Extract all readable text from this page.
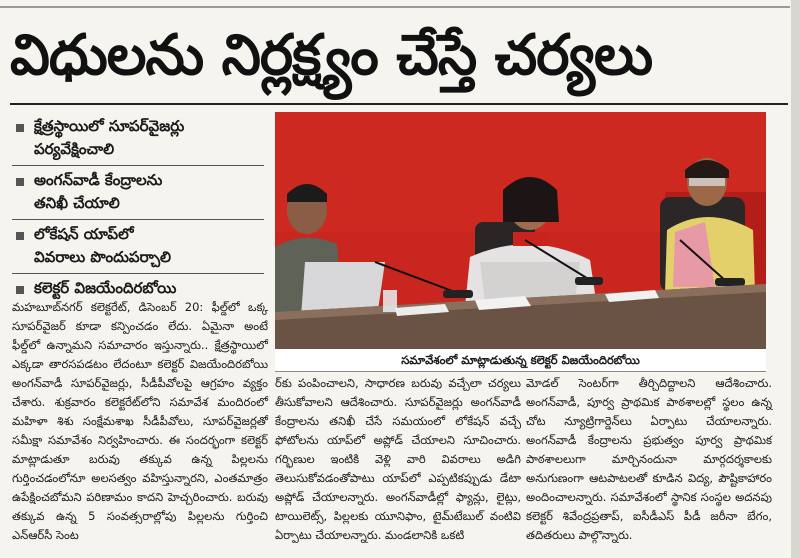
విధులను నిర్లక్ష్యం చేస్తే చర్యలు
క్షేత్రస్థాయిలో సూపర్‌వైజర్లు
పర్యవేక్షించాలి
అంగన్‌వాడీ కేంద్రాలను
తనిఖీ చేయాలి
లోకేషన్ యాప్‌లో
వివరాలు పొందుపర్చాలి
కలెక్టర్ విజయేందిరబోయి

మహబూబ్‌నగర్ కలెక్టరేట్, డిసెంబర్ 20: ఫీల్డ్‌లో ఒక్క సూపర్‌వైజర్ కూడా కన్పించడం లేదు. ఏమైనా అంటే ఫీల్డ్‌లో ఉన్నామని సమాచారం ఇస్తున్నారు.. క్షేత్రస్థాయిలో ఎక్కడా తారసపడటం లేదంటూ కలెక్టర్ విజయేందిరబోయి అంగన్‌వాడీ సూపర్‌వైజర్లు, సీడీపీవోలపై ఆగ్రహం వ్యక్తం చేశారు. శుక్రవారం కలెక్టరేట్‌లోని సమావేశ మందిరంలో మహిళా శిశు సంక్షేమశాఖ సీడీపీవోలు, సూపర్‌వైజర్లతో సమీక్షా సమావేశం నిర్వహించారు. ఈ సందర్భంగా కలెక్టర్ మాట్లాడుతూ బరువు తక్కువ ఉన్న పిల్లలను గుర్తించడంలోనూ అలసత్వం వహిస్తున్నారని, ఎంతమాత్రం ఉపేక్షించబోమని పరిణామం కాదని హెచ్చరించారు. బరువు తక్కువ ఉన్న 5 సంవత్సరాల్లోపు పిల్లలను గుర్తించి ఎన్‌ఆర్‌సీ సెంట

సమావేశంలో మాట్లాడుతున్న కలెక్టర్ విజయేందిరబోయి

ర్‌కు పంపించాలని, సాధారణ బరువు వచ్చేలా చర్యలు తీసుకోవాలని ఆదేశించారు. సూపర్‌వైజర్లు అంగన్‌వాడీ కేంద్రాలను తనిఖీ చేసే సమయంలో లోకేషన్ వచ్చే ఫోటోలను యాప్‌లో అప్లోడ్ చేయాలని సూచించారు. గర్భిణుల ఇంటికి వెళ్లి వారి వివరాలు అడిగి తెలుసుకోవడంతోపాటు యాప్‌లో ఎప్పటికప్పుడు డేటా అప్లోడ్ చేయాలన్నారు. అంగన్‌వాడీల్లో ఫ్యాన్లు, లైట్లు, టాయిలెట్స్, పిల్లలకు యూనిఫాం, టైమ్‌టేబుల్ వంటివి ఏర్పాటు చేయాలన్నారు. మండలానికి ఒకటి

మోడల్ సెంటర్‌గా తీర్చిదిద్దాలని ఆదేశించారు. అంగన్‌వాడీ, పూర్వ ప్రాథమిక పాఠశాలల్లో స్థలం ఉన్న చోట న్యూట్రిగార్డెన్‌లు ఏర్పాటు చేయాలన్నారు. అంగన్‌వాడీ కేంద్రాలను ప్రభుత్వం పూర్వ ప్రాథమిక పాఠశాలలుగా మార్చినందునా మార్గదర్శకాలకు అనుగుణంగా ఆటపాటలతో కూడిన విద్య, పౌష్టికాహారం అందించాలన్నారు. సమావేశంలో స్థానిక సంస్థల అదనపు కలెక్టర్ శివేంద్రప్రతాప్, ఐసీడీఎస్ పీడీ జరీనా బేగం, తదితరులు పాల్గొన్నారు.
